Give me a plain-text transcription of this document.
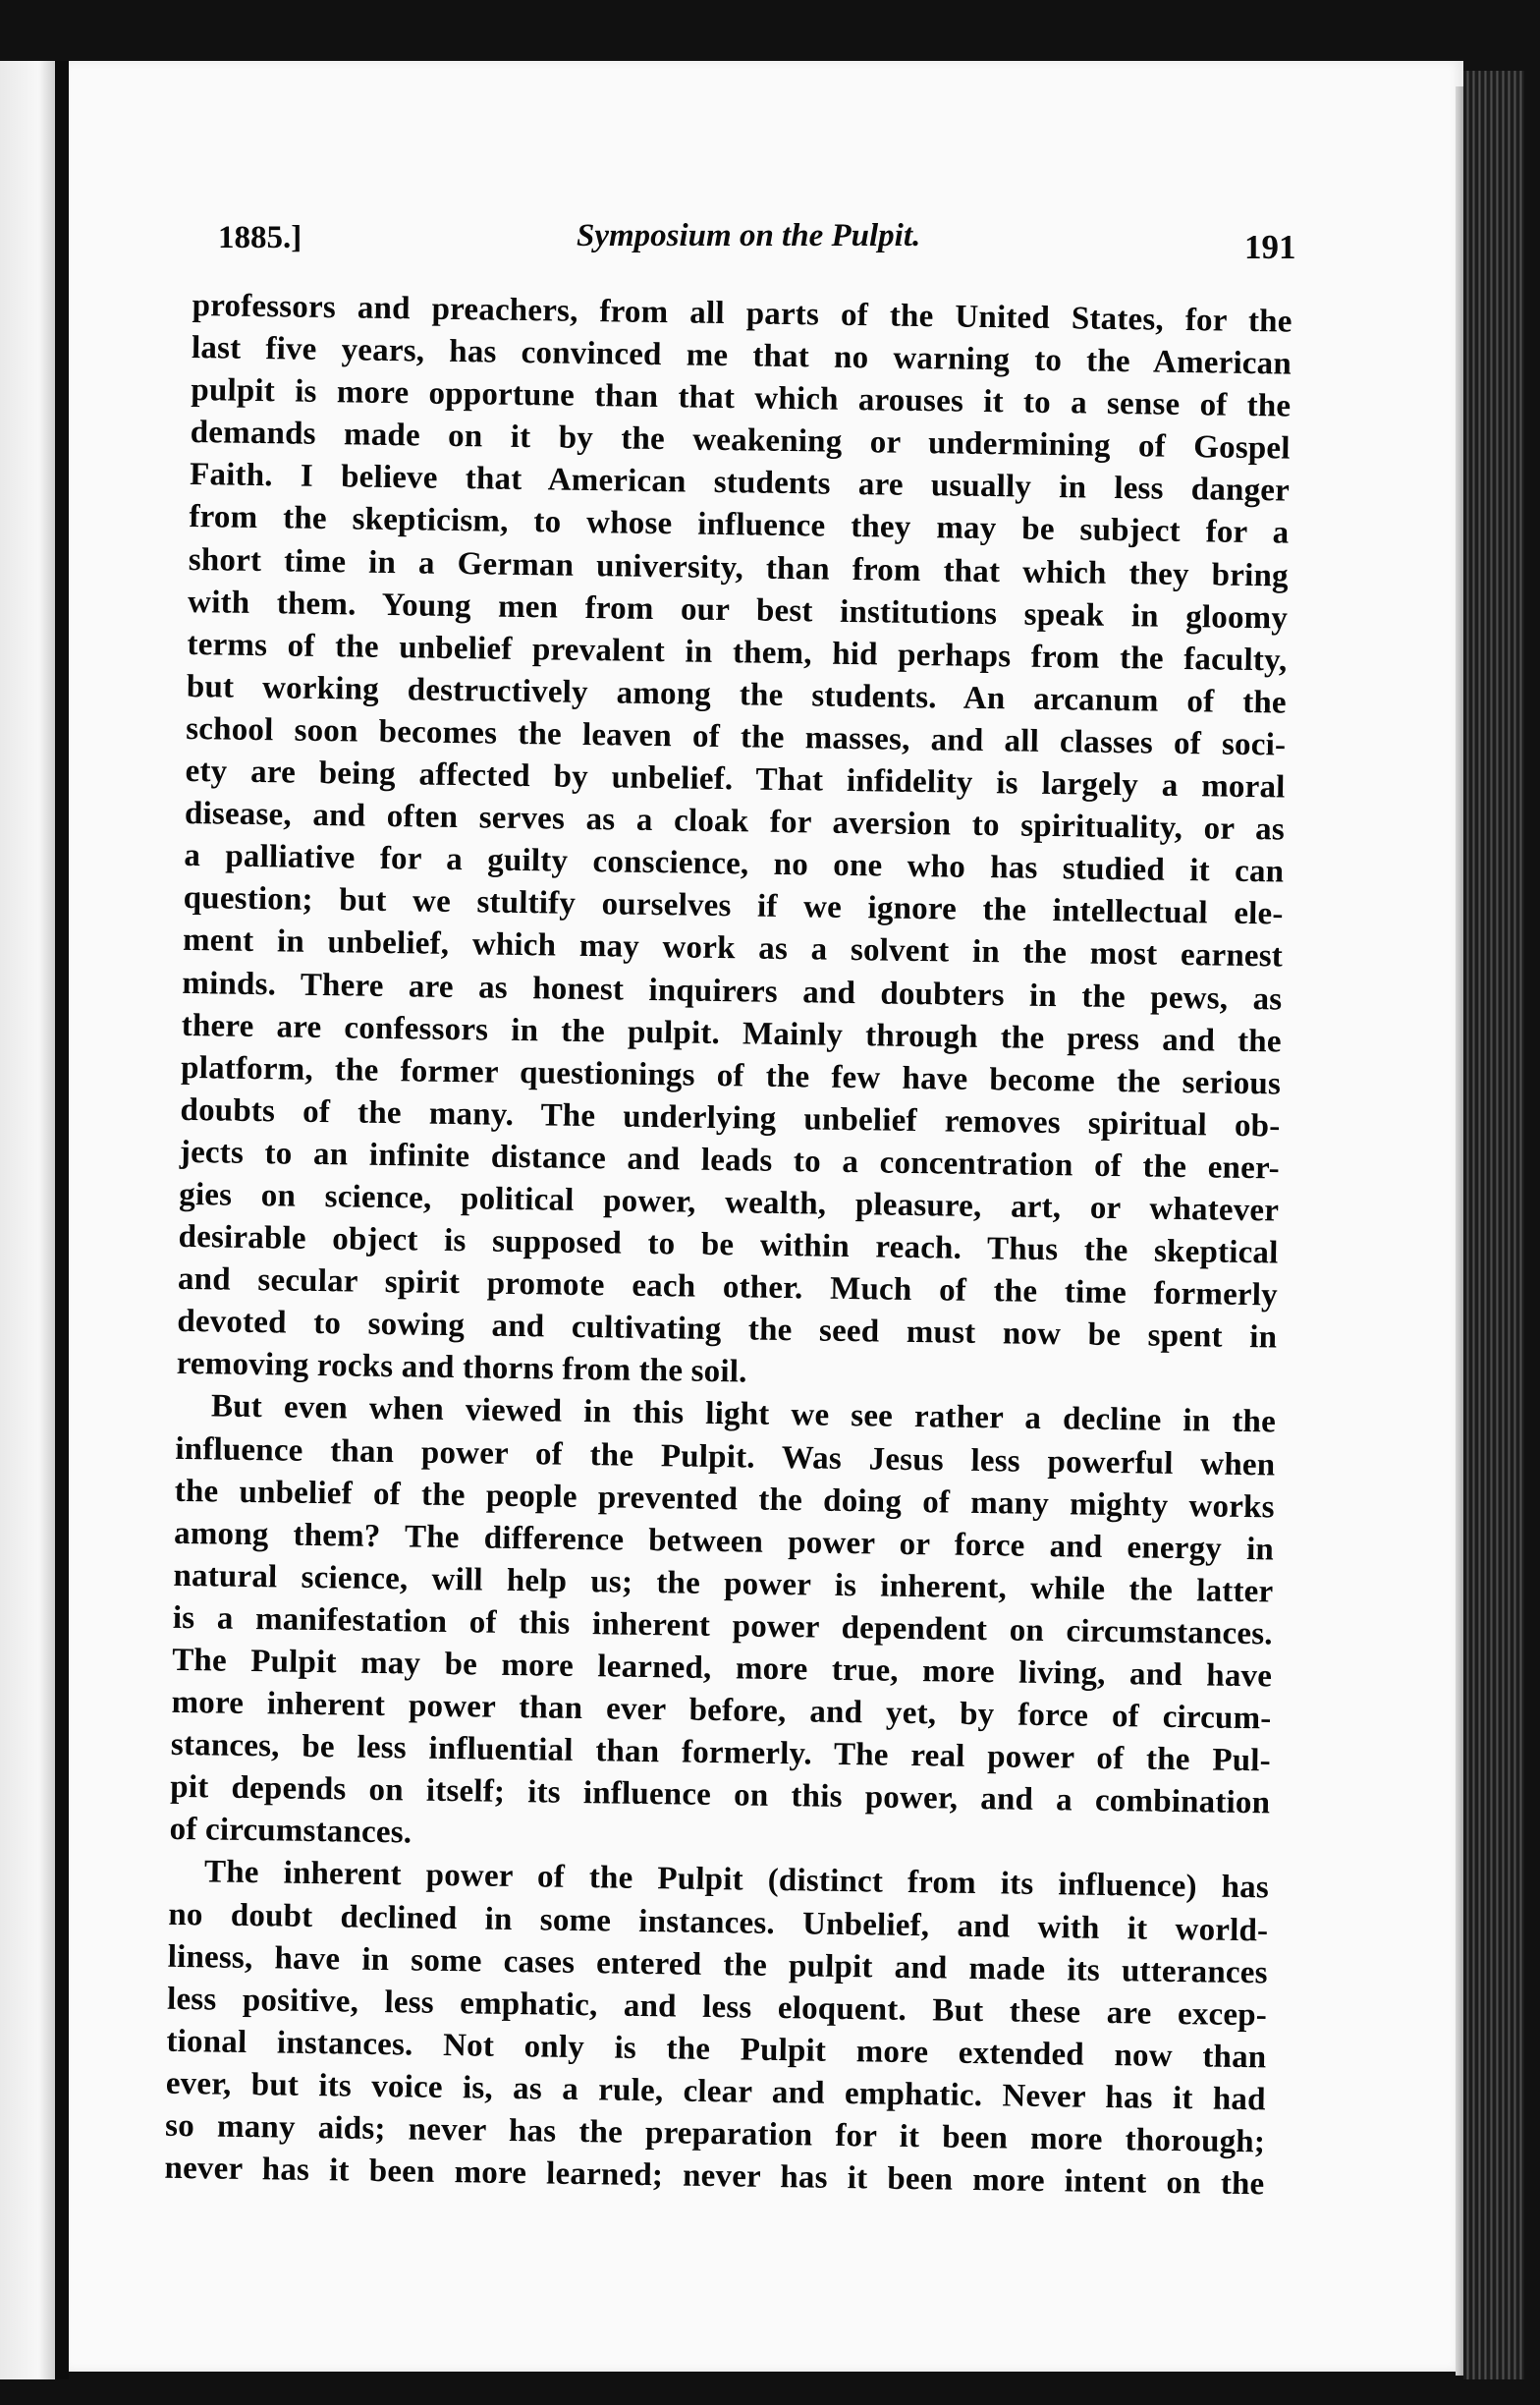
1885.]	Symposium on the Pulpit.	191
professors and preachers, from all parts of the United States, for the
last five years, has convinced me that no warning to the American
pulpit is more opportune than that which arouses it to a sense of the
demands made on it by the weakening or undermining of Gospel
Faith. I believe that American students are usually in less danger
from the skepticism, to whose influence they may be subject for a
short time in a German university, than from that which they bring
with them. Young men from our best institutions speak in gloomy
terms of the unbelief prevalent in them, hid perhaps from the faculty,
but working destructively among the students. An arcanum of the
school soon becomes the leaven of the masses, and all classes of soci-
ety are being affected by unbelief. That infidelity is largely a moral
disease, and often serves as a cloak for aversion to spirituality, or as
a palliative for a guilty conscience, no one who has studied it can
question; but we stultify ourselves if we ignore the intellectual ele-
ment in unbelief, which may work as a solvent in the most earnest
minds. There are as honest inquirers and doubters in the pews, as
there are confessors in the pulpit. Mainly through the press and the
platform, the former questionings of the few have become the serious
doubts of the many. The underlying unbelief removes spiritual ob-
jects to an infinite distance and leads to a concentration of the ener-
gies on science, political power, wealth, pleasure, art, or whatever
desirable object is supposed to be within reach. Thus the skeptical
and secular spirit promote each other. Much of the time formerly
devoted to sowing and cultivating the seed must now be spent in
removing rocks and thorns from the soil.
But even when viewed in this light we see rather a decline in the
influence than power of the Pulpit. Was Jesus less powerful when
the unbelief of the people prevented the doing of many mighty works
among them? The difference between power or force and energy in
natural science, will help us; the power is inherent, while the latter
is a manifestation of this inherent power dependent on circumstances.
The Pulpit may be more learned, more true, more living, and have
more inherent power than ever before, and yet, by force of circum-
stances, be less influential than formerly. The real power of the Pul-
pit depends on itself; its influence on this power, and a combination
of circumstances.
The inherent power of the Pulpit (distinct from its influence) has
no doubt declined in some instances. Unbelief, and with it world-
liness, have in some cases entered the pulpit and made its utterances
less positive, less emphatic, and less eloquent. But these are excep-
tional instances. Not only is the Pulpit more extended now than
ever, but its voice is, as a rule, clear and emphatic. Never has it had
so many aids; never has the preparation for it been more thorough;
never has it been more learned; never has it been more intent on the
